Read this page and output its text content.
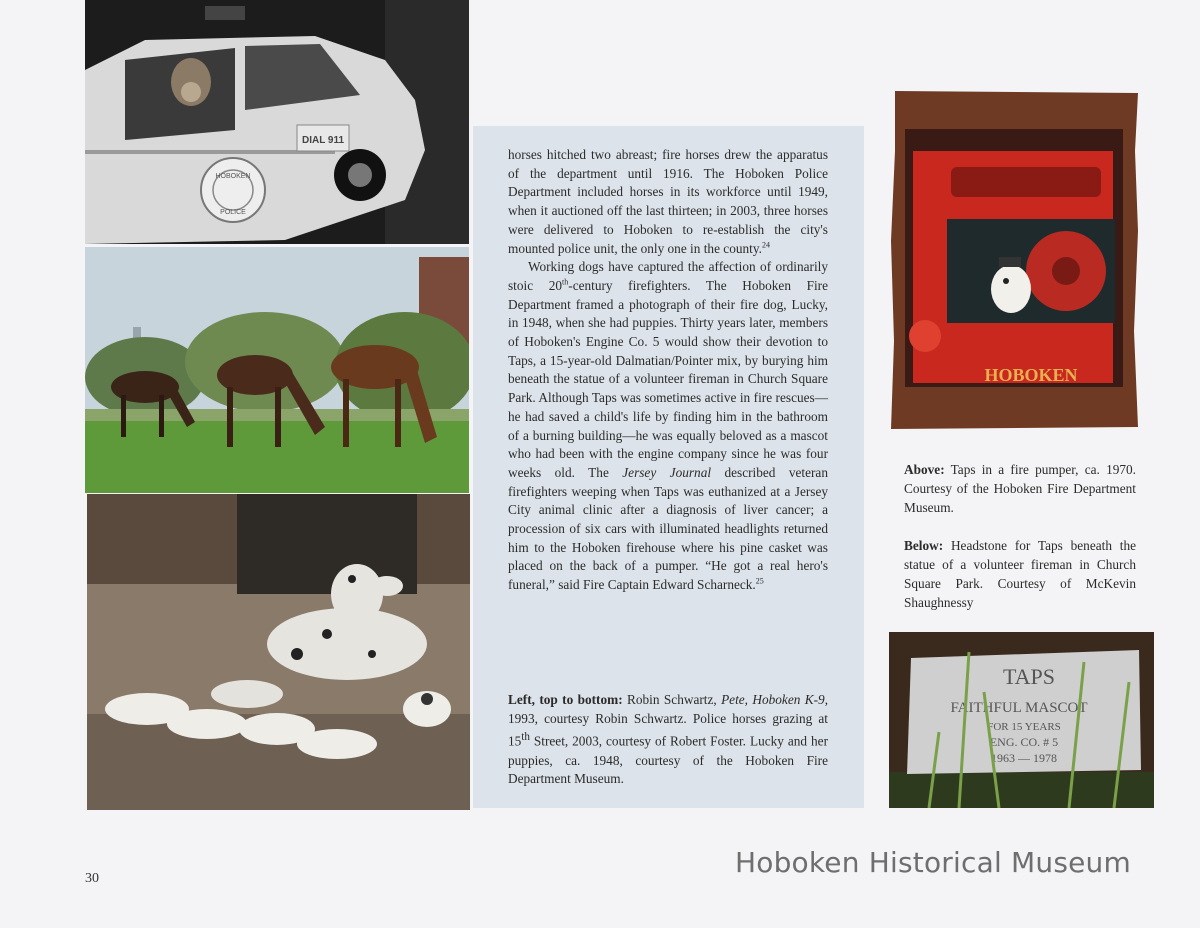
HOBOKEN
POLICE
DIAL 911

horses hitched two abreast; fire horses drew the apparatus of the department until 1916. The Hoboken Police Department included horses in its workforce until 1949, when it auctioned off the last thirteen; in 2003, three horses were delivered to Hoboken to re-establish the city's mounted police unit, the only one in the county.$^{24}$

Working dogs have captured the affection of ordinarily stoic 20th-century firefighters. The Hoboken Fire Department framed a photograph of their fire dog, Lucky, in 1948, when she had puppies. Thirty years later, members of Hoboken's Engine Co. 5 would show their devotion to Taps, a 15-year-old Dalmatian/Pointer mix, by burying him beneath the statue of a volunteer fireman in Church Square Park. Although Taps was sometimes active in fire rescues—he had saved a child's life by finding him in the bathroom of a burning building—he was equally beloved as a mascot who had been with the engine company since he was four weeks old. The Jersey Journal described veteran firefighters weeping when Taps was euthanized at a Jersey City animal clinic after a diagnosis of liver cancer; a procession of six cars with illuminated headlights returned him to the Hoboken firehouse where his pine casket was placed on the back of a pumper. “He got a real hero's funeral,” said Fire Captain Edward Scharneck.$^{25}$

Left, top to bottom: Robin Schwartz, Pete, Hoboken K-9, 1993, courtesy Robin Schwartz. Police horses grazing at 15th Street, 2003, courtesy of Robert Foster. Lucky and her puppies, ca. 1948, courtesy of the Hoboken Fire Department Museum.
HOBOKEN
Above: Taps in a fire pumper, ca. 1970. Courtesy of the Hoboken Fire Department Museum.
Below: Headstone for Taps beneath the statue of a volunteer fireman in Church Square Park. Courtesy of McKevin Shaughnessy
TAPS
FAITHFUL MASCOT
FOR 15 YEARS
ENG. CO. # 5
1963 — 1978
30	Hoboken Historical Museum
